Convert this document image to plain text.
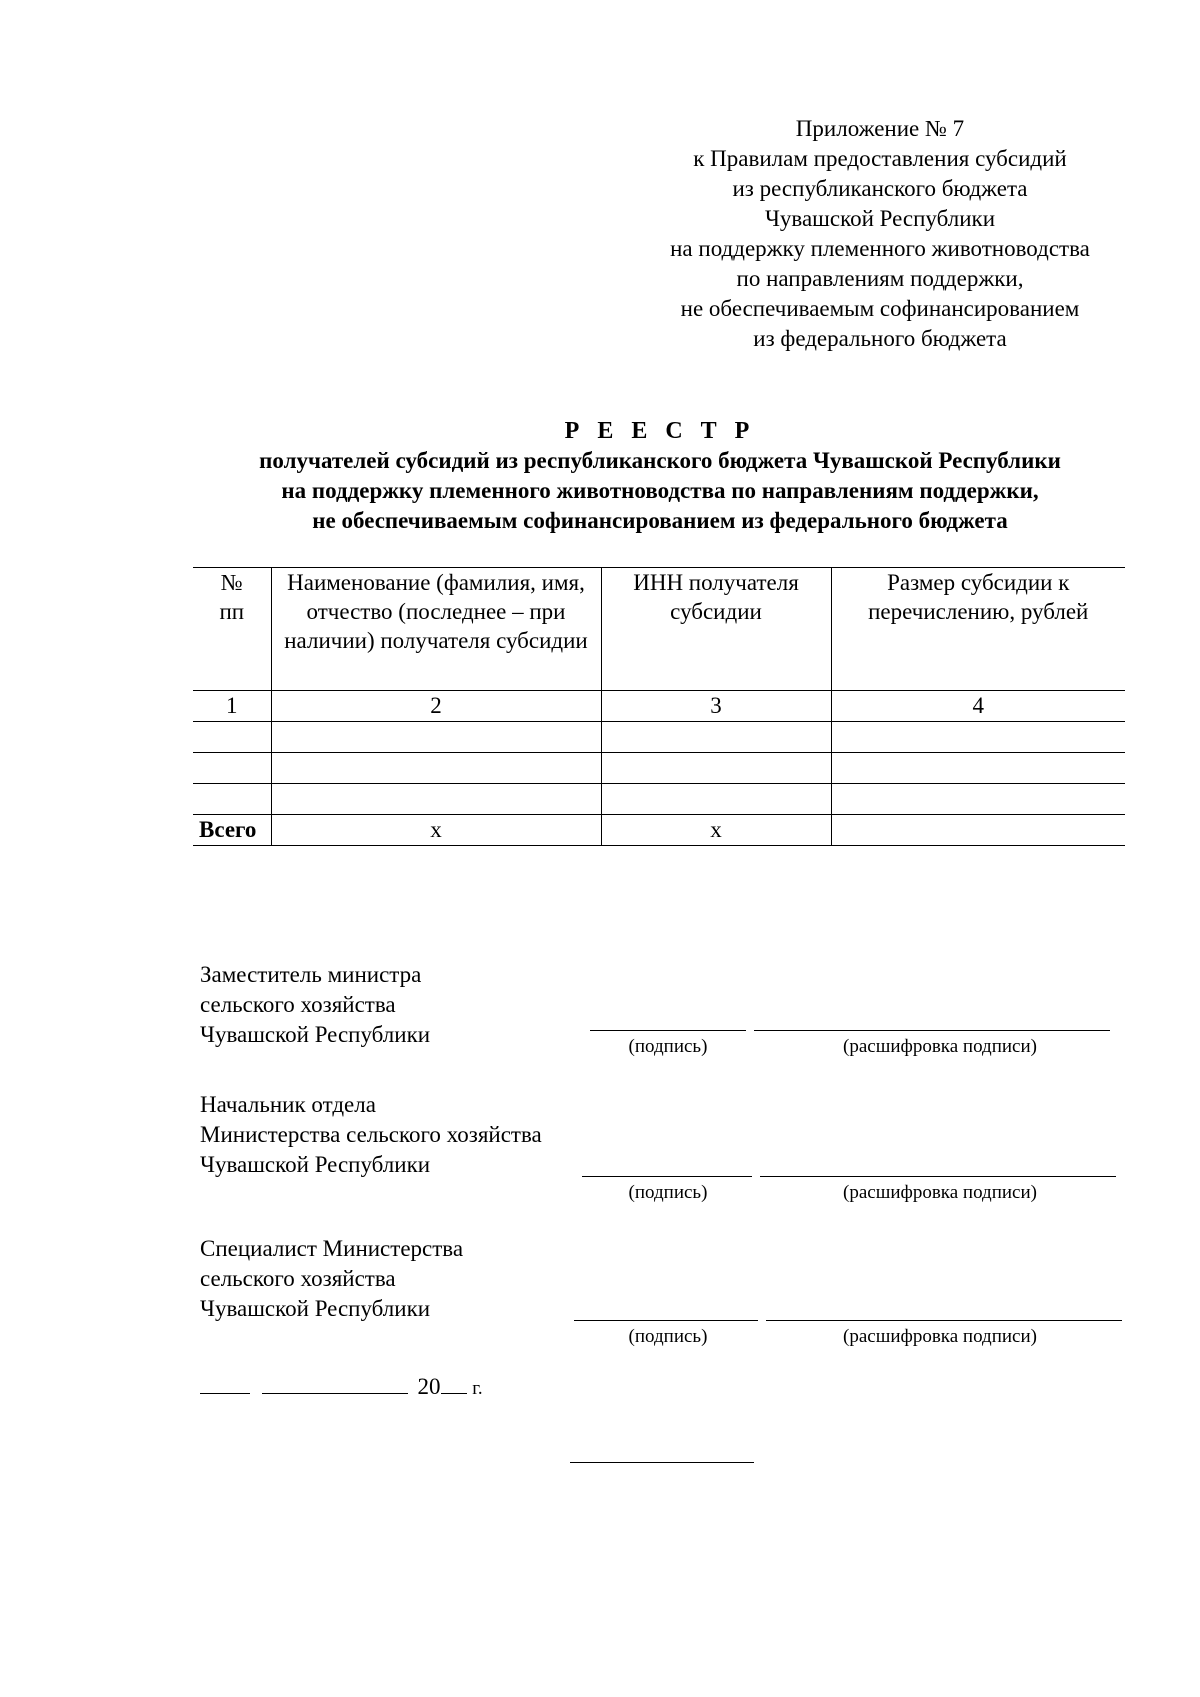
Приложение № 7
к Правилам предоставления субсидий
из республиканского бюджета
Чувашской Республики
на поддержку племенного животноводства
по направлениям поддержки,
не обеспечиваемым софинансированием
из федерального бюджета
Р Е Е С Т Р
получателей субсидий из республиканского бюджета Чувашской Республики
на поддержку племенного животноводства по направлениям поддержки,
не обеспечиваемым софинансированием из федерального бюджета
№
пп	Наименование (фамилия, имя, отчество (последнее – при наличии) получателя субсидии	ИНН получателя субсидии	Размер субсидии к перечислению, рублей
1	2	3	4

Всего	х	х	
Заместитель министра
сельского хозяйства
Чувашской Республики	(подпись)	(расшифровка подписи)
Начальник отдела
Министерства сельского хозяйства
Чувашской Республики
(подпись)	(расшифровка подписи)
Специалист Министерства
сельского хозяйства
Чувашской Республики
(подпись)	(расшифровка подписи)
20 г.
